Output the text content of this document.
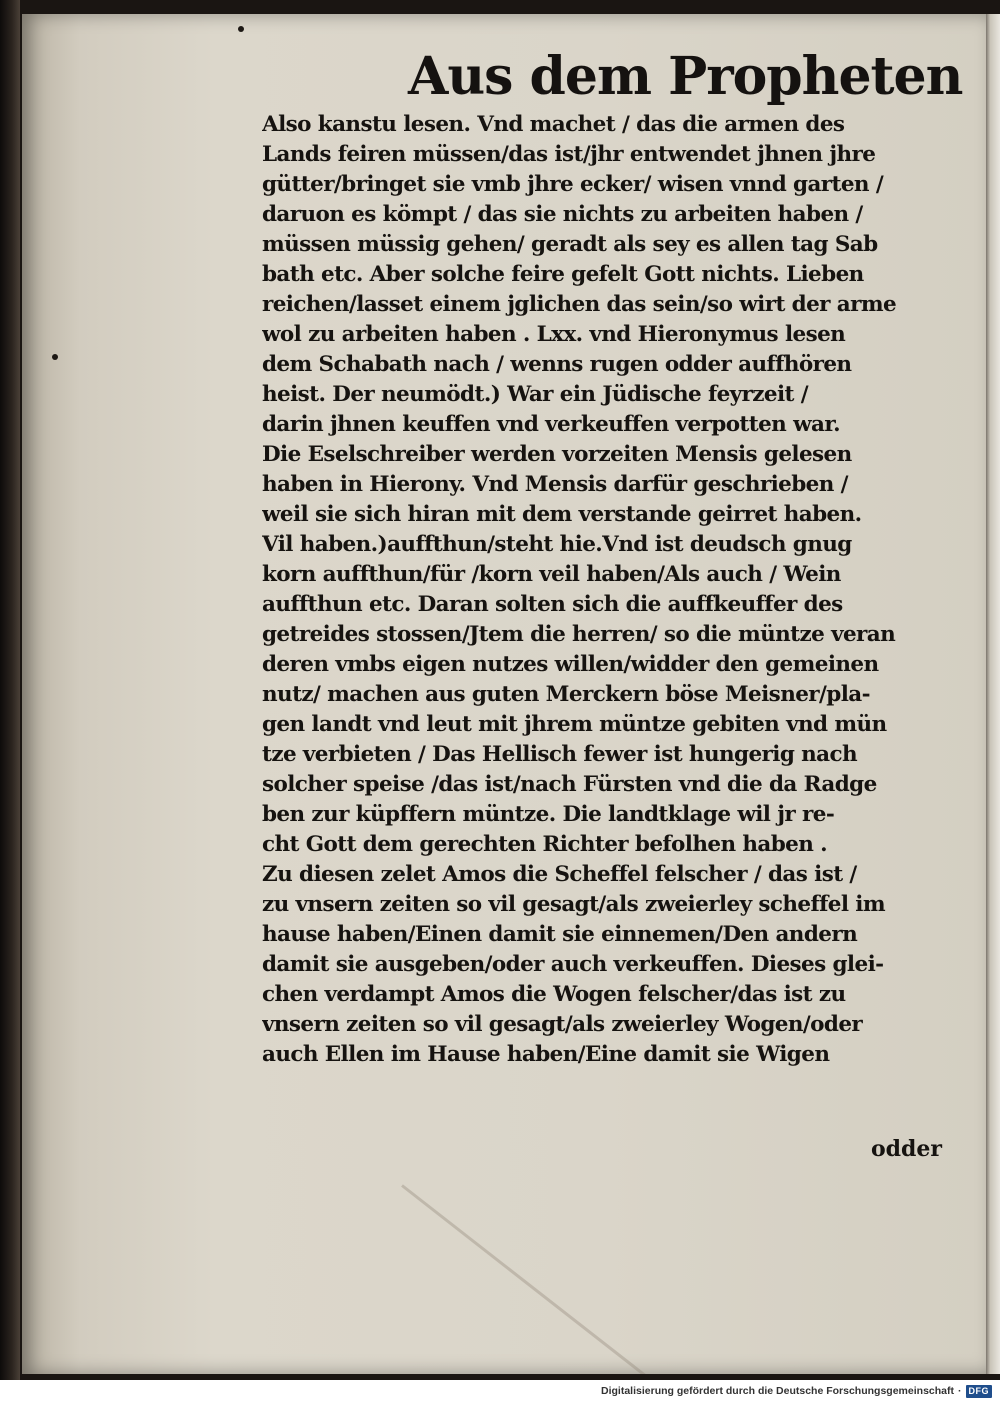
Aus dem Propheten
Also kanstu lesen. Vnd machet / das die armen des
Lands feiren müssen/das ist/jhr entwendet jhnen jhre
gütter/bringet sie vmb jhre ecker/ wisen vnnd garten /
daruon es kömpt / das sie nichts zu arbeiten haben /
müssen müssig gehen/ geradt als sey es allen tag Sab
bath etc. Aber solche feire gefelt Gott nichts. Lieben
reichen/lasset einem jglichen das sein/so wirt der arme
wol zu arbeiten haben . Lxx. vnd Hieronymus lesen
dem Schabath nach / wenns rugen odder auffhören
heist. Der neumödt.) War ein Jüdische feyrzeit /
darin jhnen keuffen vnd verkeuffen verpotten war.
Die Eselschreiber werden vorzeiten Mensis gelesen
haben in Hierony. Vnd Mensis darfür geschrieben /
weil sie sich hiran mit dem verstande geirret haben.
Vil haben.)auffthun/steht hie.Vnd ist deudsch gnug
korn auffthun/für /korn veil haben/Als auch / Wein
auffthun etc. Daran solten sich die auffkeuffer des
getreides stossen/Jtem die herren/ so die müntze veran
deren vmbs eigen nutzes willen/widder den gemeinen
nutz/ machen aus guten Merckern böse Meisner/pla-
gen landt vnd leut mit jhrem müntze gebiten vnd mün
tze verbieten / Das Hellisch fewer ist hungerig nach
solcher speise /das ist/nach Fürsten vnd die da Radge
ben zur küpffern müntze. Die landtklage wil jr re-
cht Gott dem gerechten Richter befolhen haben .
Zu diesen zelet Amos die Scheffel felscher / das ist /
zu vnsern zeiten so vil gesagt/als zweierley scheffel im
hause haben/Einen damit sie einnemen/Den andern
damit sie ausgeben/oder auch verkeuffen. Dieses glei-
chen verdampt Amos die Wogen felscher/das ist zu
vnsern zeiten so vil gesagt/als zweierley Wogen/oder
auch Ellen im Hause haben/Eine damit sie Wigen
odder
Digitalisierung gefördert durch die Deutsche Forschungsgemeinschaft · DFG
